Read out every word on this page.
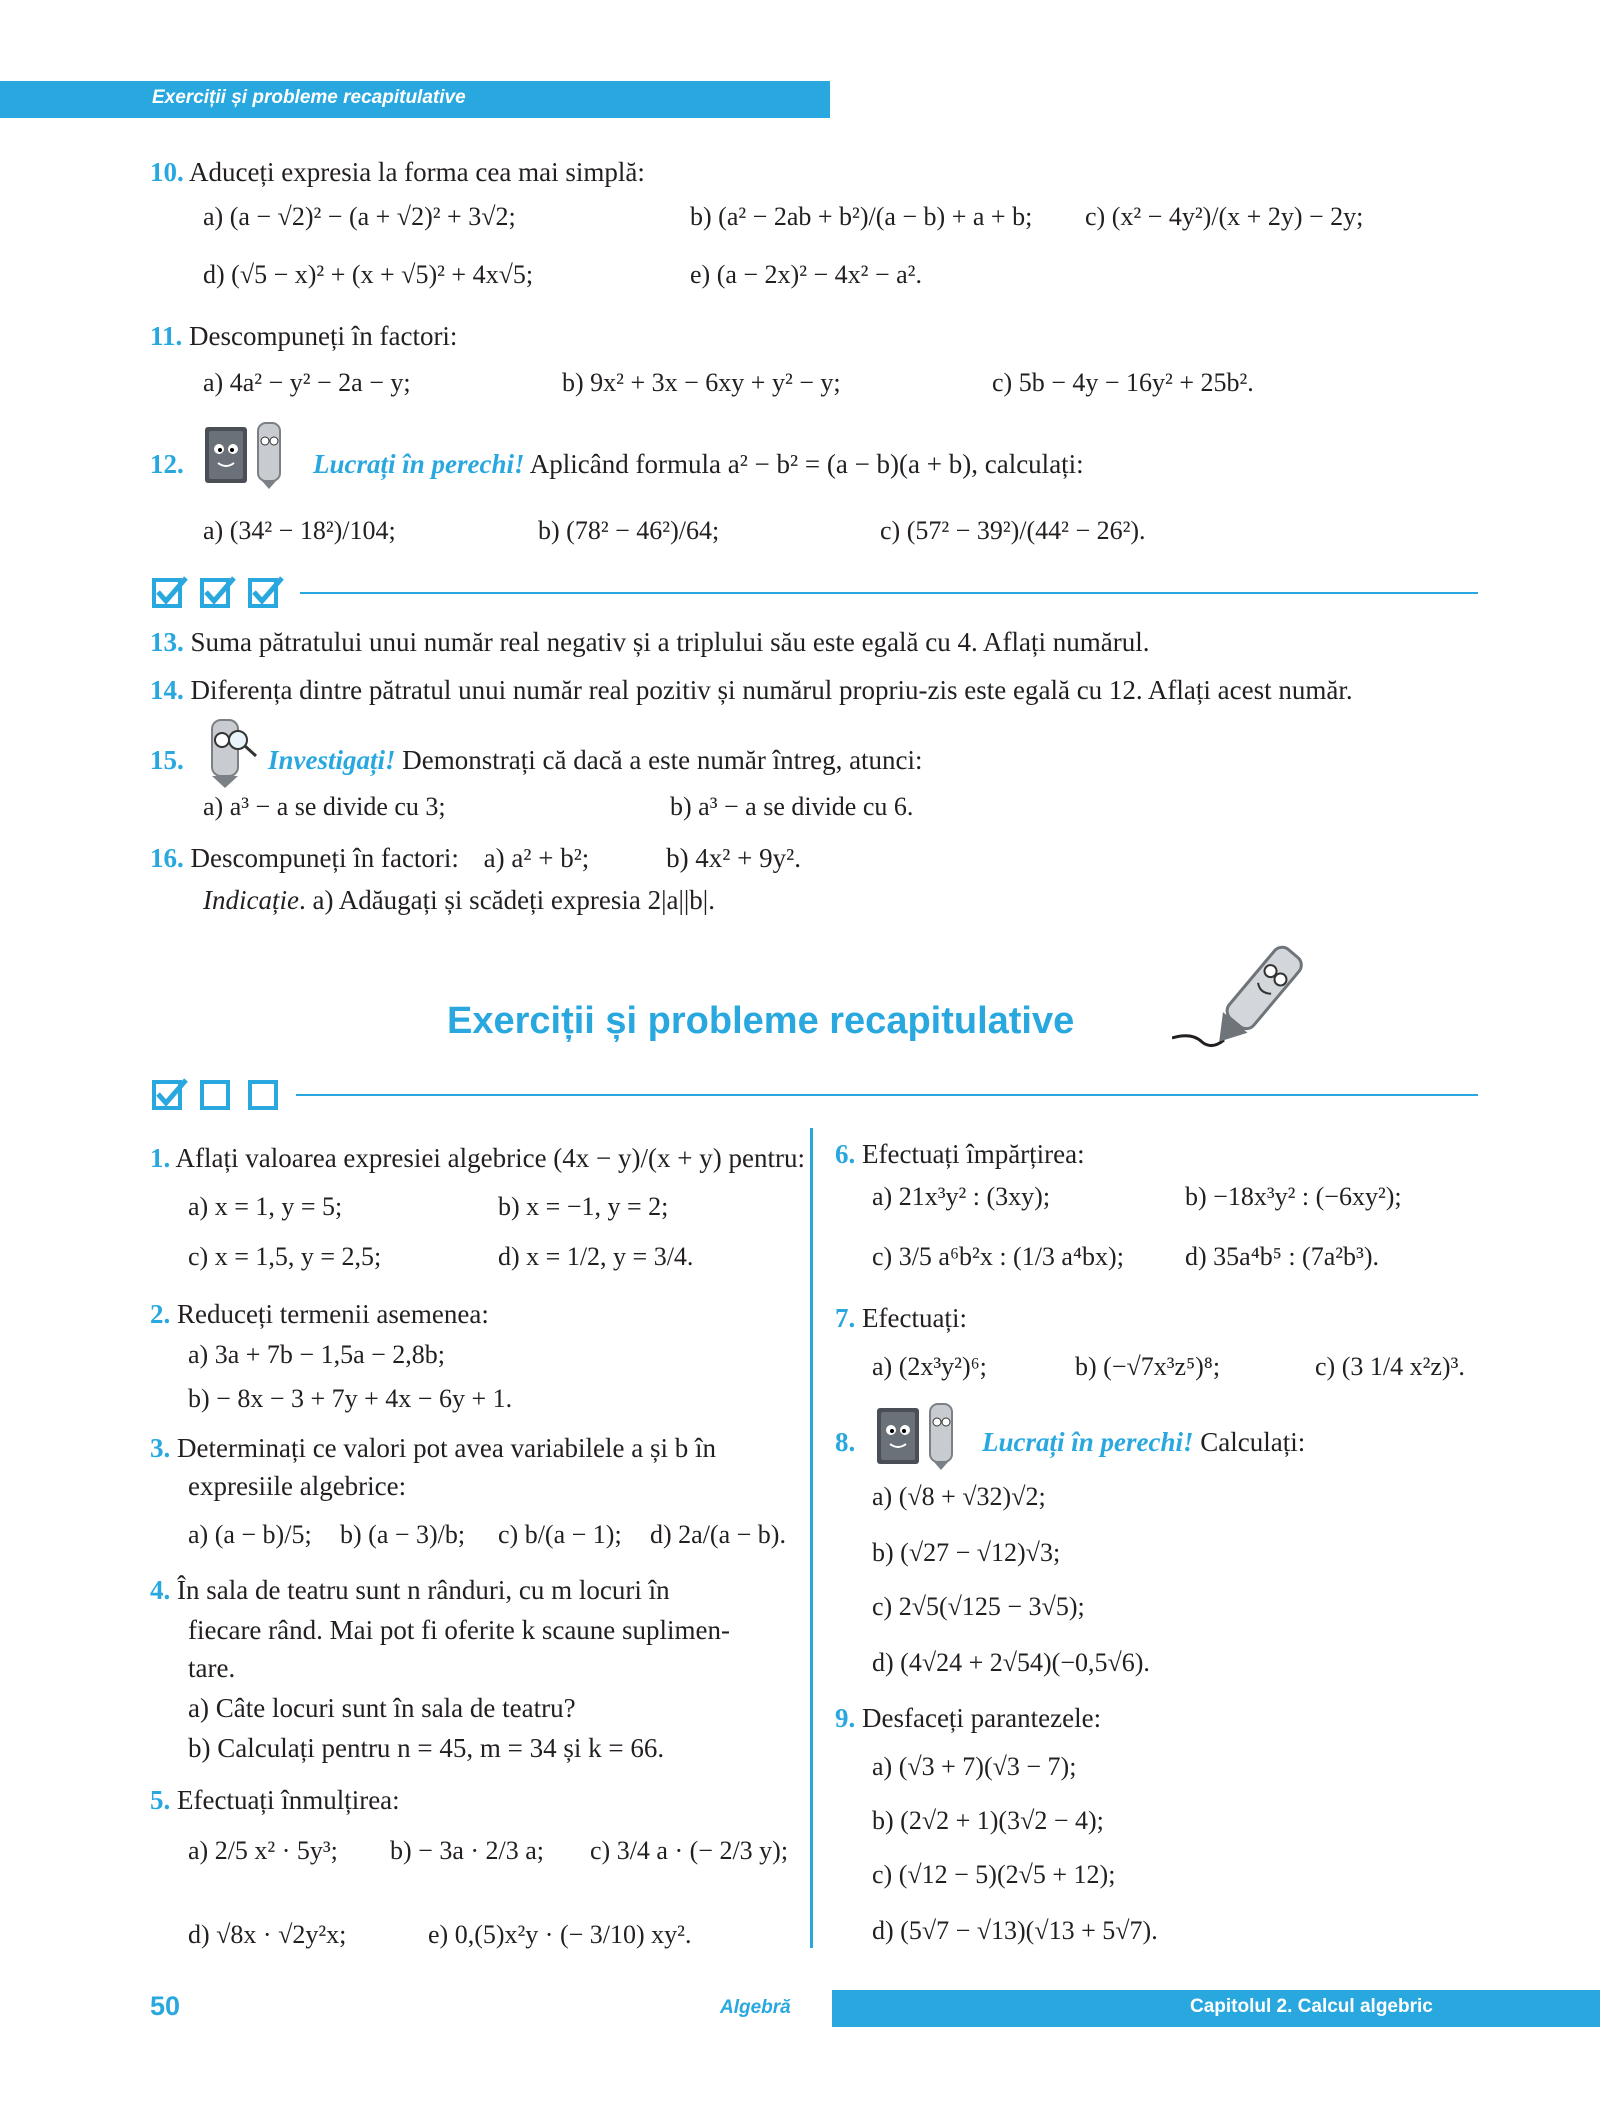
Exerciții și probleme recapitulative
10. Aduceți expresia la forma cea mai simplă:
a) (a − √2)² − (a + √2)² + 3√2;	b) (a² − 2ab + b²)/(a − b) + a + b; c) (x² − 4y²)/(x + 2y) − 2y;
d) (√5 − x)² + (x + √5)² + 4x√5;	e) (a − 2x)² − 4x² − a².
11. Descompuneți în factori:
a) 4a² − y² − 2a − y;	b) 9x² + 3x − 6xy + y² − y;	c) 5b − 4y − 16y² + 25b².
12.	Lucrați în perechi! Aplicând formula a² − b² = (a − b)(a + b), calculați:
a) (34² − 18²)/104;	b) (78² − 46²)/64;	c) (57² − 39²)/(44² − 26²).
13. Suma pătratului unui număr real negativ și a triplului său este egală cu 4. Aflați numărul.
14. Diferența dintre pătratul unui număr real pozitiv și numărul propriu-zis este egală cu 12. Aflați acest număr.
15.	Investigați! Demonstrați că dacă a este număr întreg, atunci:
a) a³ − a se divide cu 3;	b) a³ − a se divide cu 6.
16. Descompuneți în factori: a) a² + b²;	b) 4x² + 9y².
Indicație. a) Adăugați și scădeți expresia 2|a||b|.
Exerciții și probleme recapitulative
1. Aflați valoarea expresiei algebrice (4x − y)/(x + y) pentru:
a) x = 1, y = 5;	b) x = −1, y = 2;
c) x = 1,5, y = 2,5;	d) x = 1/2, y = 3/4.
2. Reduceți termenii asemenea:
a) 3a + 7b − 1,5a − 2,8b;
b) − 8x − 3 + 7y + 4x − 6y + 1.
3. Determinați ce valori pot avea variabilele a și b în
expresiile algebrice:
a) (a − b)/5; b) (a − 3)/b; c) b/(a − 1); d) 2a/(a − b).
4. În sala de teatru sunt n rânduri, cu m locuri în
fiecare rând. Mai pot fi oferite k scaune suplimen-
tare.
a) Câte locuri sunt în sala de teatru?
b) Calculați pentru n = 45, m = 34 și k = 66.
5. Efectuați înmulțirea:
a) 2/5 x² · 5y³; b) − 3a · 2/3 a; c) 3/4 a · (− 2/3 y);
d) √8x · √2y²x;	e) 0,(5)x²y · (− 3/10) xy².
6. Efectuați împărțirea:
a) 21x³y² : (3xy);	b) −18x³y² : (−6xy²);
c) 3/5 a⁶b²x : (1/3 a⁴bx); d) 35a⁴b⁵ : (7a²b³).
7. Efectuați:
a) (2x³y²)⁶;	b) (−√7x³z⁵)⁸;	c) (3 1/4 x²z)³.
8.	Lucrați în perechi! Calculați:
a) (√8 + √32)√2;
b) (√27 − √12)√3;
c) 2√5(√125 − 3√5);
d) (4√24 + 2√54)(−0,5√6).
9. Desfaceți parantezele:
a) (√3 + 7)(√3 − 7);
b) (2√2 + 1)(3√2 − 4);
c) (√12 − 5)(2√5 + 12);
d) (5√7 − √13)(√13 + 5√7).
50	Algebră	Capitolul 2. Calcul algebric
